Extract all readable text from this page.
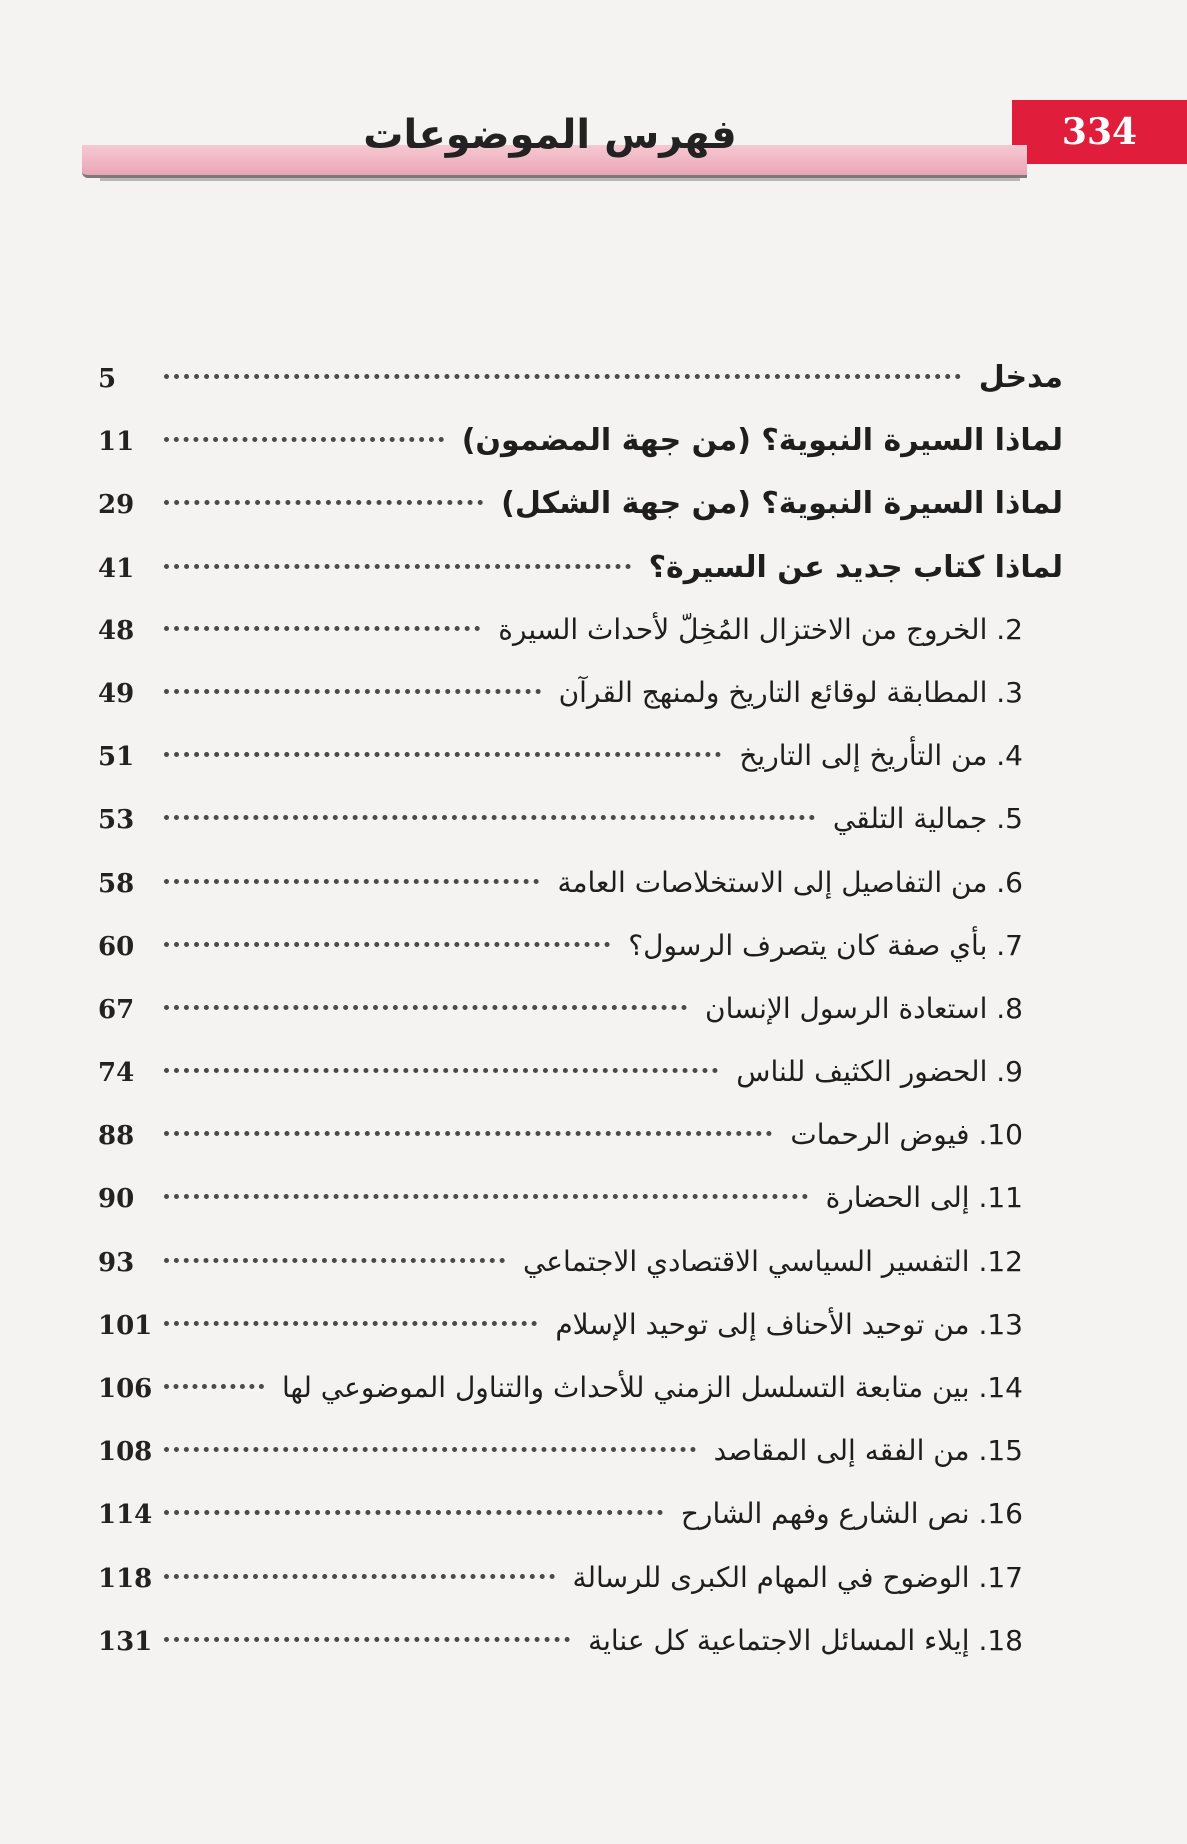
334
فهرس الموضوعات
مدخل
5
لماذا السيرة النبوية؟ (من جهة المضمون)
11
لماذا السيرة النبوية؟ (من جهة الشكل)
29
لماذا كتاب جديد عن السيرة؟
41
2. الخروج من الاختزال المُخِلّ لأحداث السيرة
48
3. المطابقة لوقائع التاريخ ولمنهج القرآن
49
4. من التأريخ إلى التاريخ
51
5. جمالية التلقي
53
6. من التفاصيل إلى الاستخلاصات العامة
58
7. بأي صفة كان يتصرف الرسول؟
60
8. استعادة الرسول الإنسان
67
9. الحضور الكثيف للناس
74
10. فيوض الرحمات
88
11. إلى الحضارة
90
12. التفسير السياسي الاقتصادي الاجتماعي
93
13. من توحيد الأحناف إلى توحيد الإسلام
101
14. بين متابعة التسلسل الزمني للأحداث والتناول الموضوعي لها
106
15. من الفقه إلى المقاصد
108
16. نص الشارع وفهم الشارح
114
17. الوضوح في المهام الكبرى للرسالة
118
18. إيلاء المسائل الاجتماعية كل عناية
131
